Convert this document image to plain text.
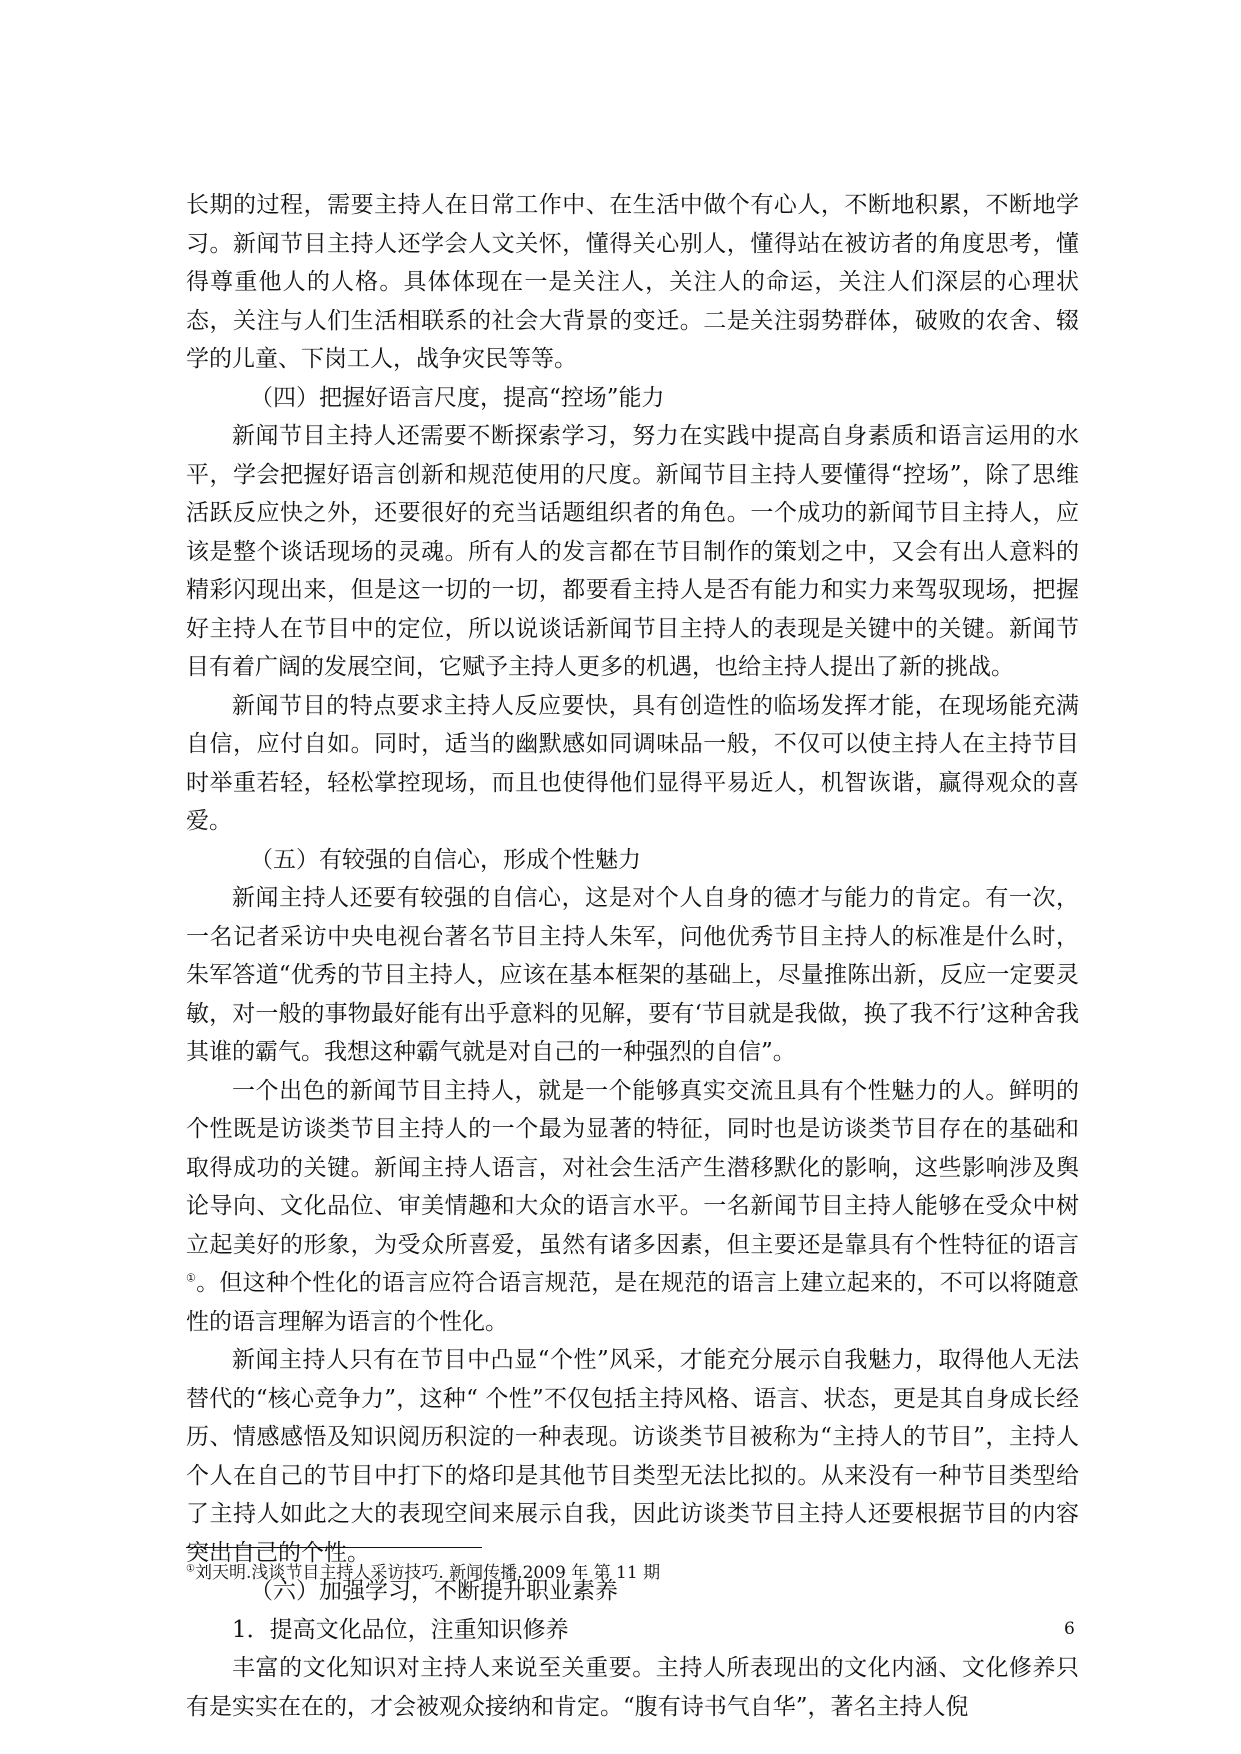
长期的过程，需要主持人在日常工作中、在生活中做个有心人，不断地积累，不断地学习。新闻节目主持人还学会人文关怀，懂得关心别人，懂得站在被访者的角度思考，懂得尊重他人的人格。具体体现在一是关注人，关注人的命运，关注人们深层的心理状态，关注与人们生活相联系的社会大背景的变迁。二是关注弱势群体，破败的农舍、辍学的儿童、下岗工人，战争灾民等等。

（四）把握好语言尺度，提高“控场”能力

新闻节目主持人还需要不断探索学习，努力在实践中提高自身素质和语言运用的水平，学会把握好语言创新和规范使用的尺度。新闻节目主持人要懂得“控场”，除了思维活跃反应快之外，还要很好的充当话题组织者的角色。一个成功的新闻节目主持人，应该是整个谈话现场的灵魂。所有人的发言都在节目制作的策划之中，又会有出人意料的精彩闪现出来，但是这一切的一切，都要看主持人是否有能力和实力来驾驭现场，把握好主持人在节目中的定位，所以说谈话新闻节目主持人的表现是关键中的关键。新闻节目有着广阔的发展空间，它赋予主持人更多的机遇，也给主持人提出了新的挑战。

新闻节目的特点要求主持人反应要快，具有创造性的临场发挥才能，在现场能充满自信，应付自如。同时，适当的幽默感如同调味品一般，不仅可以使主持人在主持节目时举重若轻，轻松掌控现场，而且也使得他们显得平易近人，机智诙谐，赢得观众的喜爱。

（五）有较强的自信心，形成个性魅力

新闻主持人还要有较强的自信心，这是对个人自身的德才与能力的肯定。有一次，一名记者采访中央电视台著名节目主持人朱军，问他优秀节目主持人的标准是什么时，朱军答道“优秀的节目主持人，应该在基本框架的基础上，尽量推陈出新，反应一定要灵敏，对一般的事物最好能有出乎意料的见解，要有‘节目就是我做，换了我不行’这种舍我其谁的霸气。我想这种霸气就是对自己的一种强烈的自信”。

一个出色的新闻节目主持人，就是一个能够真实交流且具有个性魅力的人。鲜明的个性既是访谈类节目主持人的一个最为显著的特征，同时也是访谈类节目存在的基础和取得成功的关键。新闻主持人语言，对社会生活产生潜移默化的影响，这些影响涉及舆论导向、文化品位、审美情趣和大众的语言水平。一名新闻节目主持人能够在受众中树立起美好的形象，为受众所喜爱，虽然有诸多因素，但主要还是靠具有个性特征的语言①。但这种个性化的语言应符合语言规范，是在规范的语言上建立起来的，不可以将随意性的语言理解为语言的个性化。

新闻主持人只有在节目中凸显“个性”风采，才能充分展示自我魅力，取得他人无法替代的“核心竞争力”，这种“ 个性”不仅包括主持风格、语言、状态，更是其自身成长经历、情感感悟及知识阅历积淀的一种表现。访谈类节目被称为“主持人的节目”，主持人个人在自己的节目中打下的烙印是其他节目类型无法比拟的。从来没有一种节目类型给了主持人如此之大的表现空间来展示自我，因此访谈类节目主持人还要根据节目的内容突出自己的个性。

（六）加强学习，不断提升职业素养

1．提高文化品位，注重知识修养

丰富的文化知识对主持人来说至关重要。主持人所表现出的文化内涵、文化修养只有是实实在在的，才会被观众接纳和肯定。“腹有诗书气自华”，著名主持人倪

①刘天明.浅谈节目主持人采访技巧. 新闻传播.2009 年 第 11 期

6
